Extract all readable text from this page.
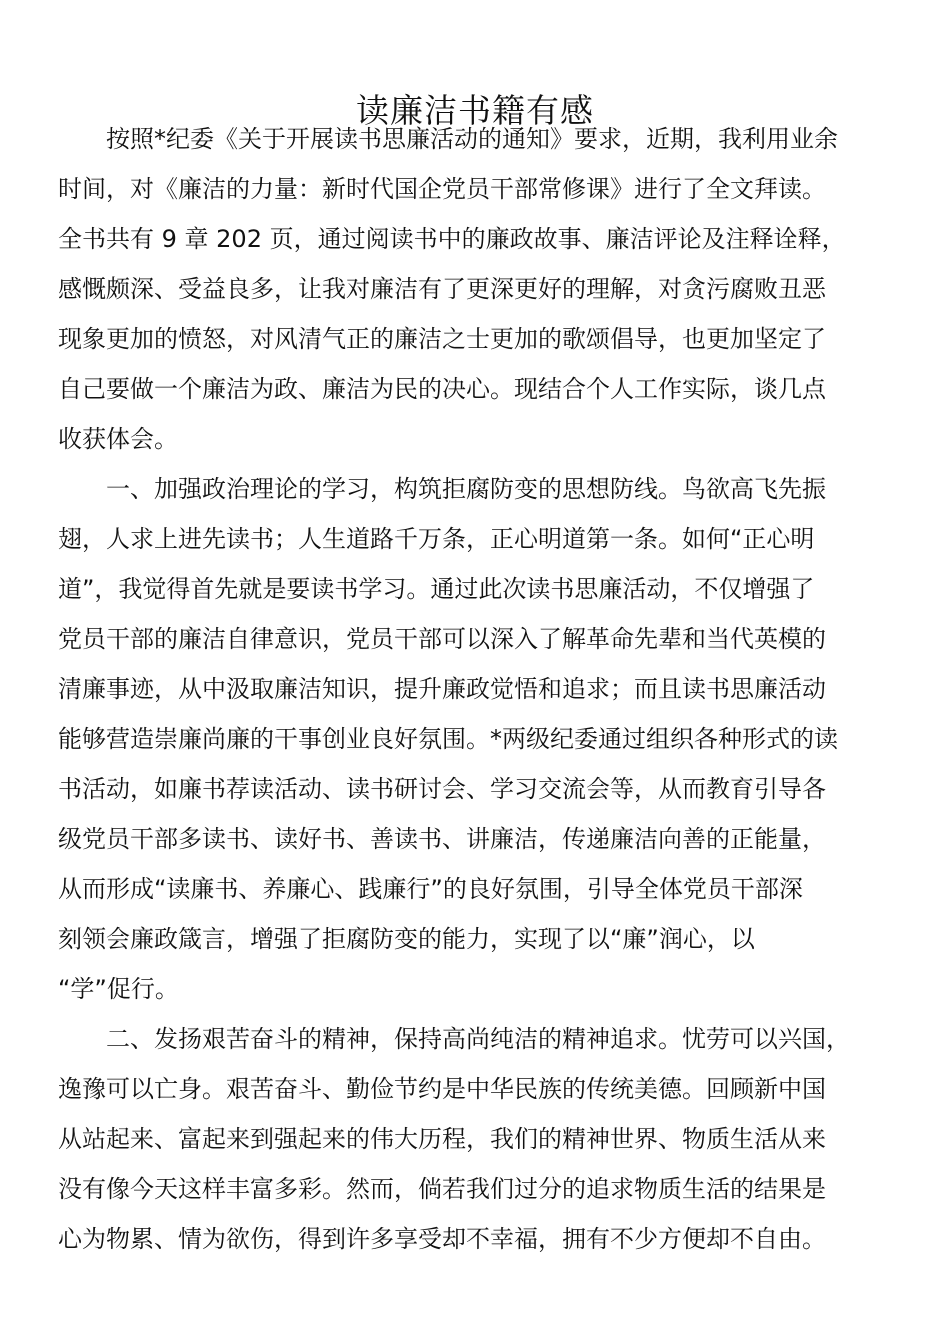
读廉洁书籍有感
　　按照*纪委《关于开展读书思廉活动的通知》要求，近期，我利用业余
时间，对《廉洁的力量：新时代国企党员干部常修课》进行了全文拜读。
全书共有 9 章 202 页，通过阅读书中的廉政故事、廉洁评论及注释诠释，
感慨颇深、受益良多，让我对廉洁有了更深更好的理解，对贪污腐败丑恶
现象更加的愤怒，对风清气正的廉洁之士更加的歌颂倡导，也更加坚定了
自己要做一个廉洁为政、廉洁为民的决心。现结合个人工作实际，谈几点
收获体会。
　　一、加强政治理论的学习，构筑拒腐防变的思想防线。鸟欲高飞先振
翅，人求上进先读书；人生道路千万条，正心明道第一条。如何“正心明
道”，我觉得首先就是要读书学习。通过此次读书思廉活动，不仅增强了
党员干部的廉洁自律意识，党员干部可以深入了解革命先辈和当代英模的
清廉事迹，从中汲取廉洁知识，提升廉政觉悟和追求；而且读书思廉活动
能够营造崇廉尚廉的干事创业良好氛围。*两级纪委通过组织各种形式的读
书活动，如廉书荐读活动、读书研讨会、学习交流会等，从而教育引导各
级党员干部多读书、读好书、善读书、讲廉洁，传递廉洁向善的正能量，
从而形成“读廉书、养廉心、践廉行”的良好氛围，引导全体党员干部深
刻领会廉政箴言，增强了拒腐防变的能力，实现了以“廉”润心，以
“学”促行。
　　二、发扬艰苦奋斗的精神，保持高尚纯洁的精神追求。忧劳可以兴国，
逸豫可以亡身。艰苦奋斗、勤俭节约是中华民族的传统美德。回顾新中国
从站起来、富起来到强起来的伟大历程，我们的精神世界、物质生活从来
没有像今天这样丰富多彩。然而，倘若我们过分的追求物质生活的结果是
心为物累、情为欲伤，得到许多享受却不幸福，拥有不少方便却不自由。
